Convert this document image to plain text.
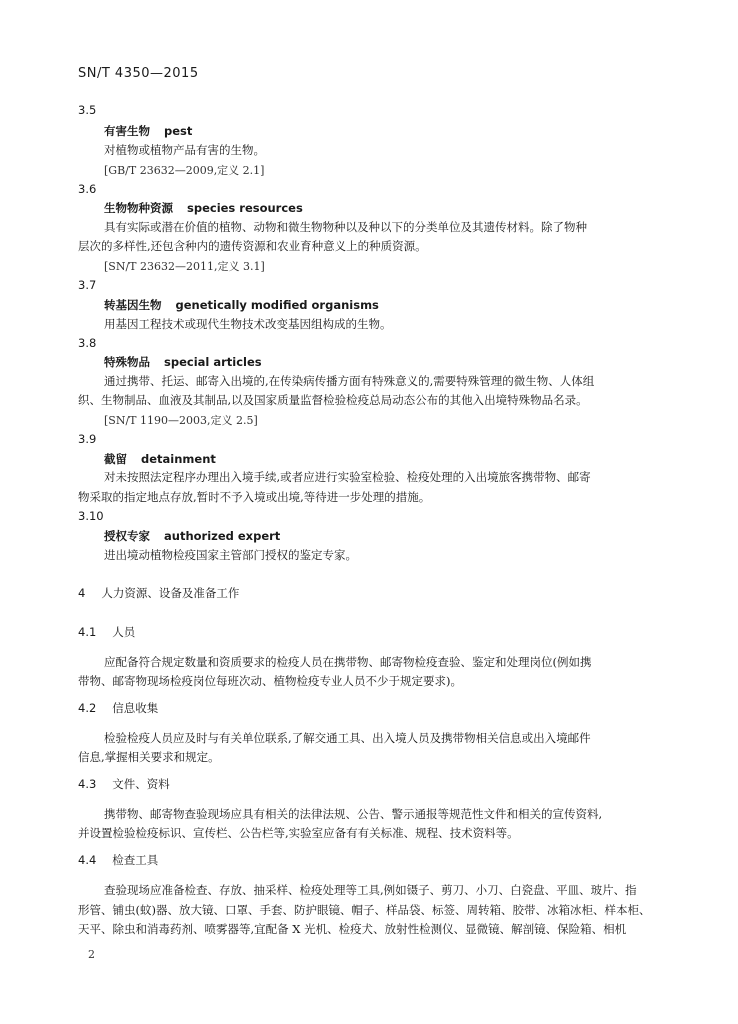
SN/T 4350—2015
3.5
有害生物 pest
对植物或植物产品有害的生物。
[GB/T 23632—2009,定义 2.1]
3.6
生物物种资源 species resources
具有实际或潜在价值的植物、动物和微生物物种以及种以下的分类单位及其遗传材料。除了物种
层次的多样性,还包含种内的遗传资源和农业育种意义上的种质资源。
[SN/T 23632—2011,定义 3.1]
3.7
转基因生物 genetically modified organisms
用基因工程技术或现代生物技术改变基因组构成的生物。
3.8
特殊物品 special articles
通过携带、托运、邮寄入出境的,在传染病传播方面有特殊意义的,需要特殊管理的微生物、人体组
织、生物制品、血液及其制品,以及国家质量监督检验检疫总局动态公布的其他入出境特殊物品名录。
[SN/T 1190—2003,定义 2.5]
3.9
截留 detainment
对未按照法定程序办理出入境手续,或者应进行实验室检验、检疫处理的入出境旅客携带物、邮寄
物采取的指定地点存放,暂时不予入境或出境,等待进一步处理的措施。
3.10
授权专家 authorized expert
进出境动植物检疫国家主管部门授权的鉴定专家。
4 人力资源、设备及准备工作
4.1 人员
应配备符合规定数量和资质要求的检疫人员在携带物、邮寄物检疫查验、鉴定和处理岗位(例如携
带物、邮寄物现场检疫岗位每班次动、植物检疫专业人员不少于规定要求)。
4.2 信息收集
检验检疫人员应及时与有关单位联系,了解交通工具、出入境人员及携带物相关信息或出入境邮件
信息,掌握相关要求和规定。
4.3 文件、资料
携带物、邮寄物查验现场应具有相关的法律法规、公告、警示通报等规范性文件和相关的宣传资料,
并设置检验检疫标识、宣传栏、公告栏等,实验室应备有有关标准、规程、技术资料等。
4.4 检查工具
查验现场应准备检查、存放、抽采样、检疫处理等工具,例如镊子、剪刀、小刀、白瓷盘、平皿、玻片、指
形管、铺虫(蚊)器、放大镜、口罩、手套、防护眼镜、帽子、样品袋、标签、周转箱、胶带、冰箱冰柜、样本柜、
天平、除虫和消毒药剂、喷雾器等,宜配备 X 光机、检疫犬、放射性检测仪、显微镜、解剖镜、保险箱、相机
2
